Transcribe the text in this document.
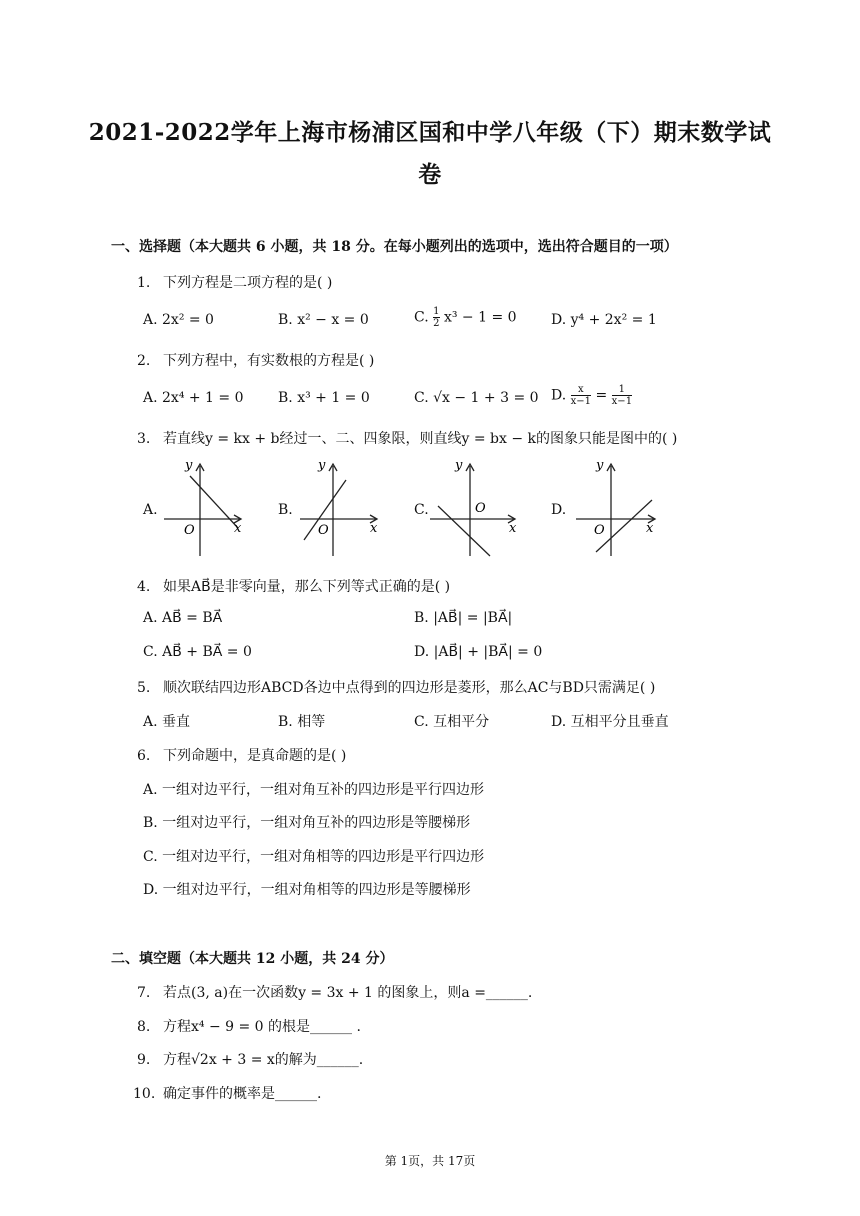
2021-2022学年上海市杨浦区国和中学八年级（下）期末数学试
卷
一、选择题（本大题共 6 小题，共 18 分。在每小题列出的选项中，选出符合题目的一项）
1. 下列方程是二项方程的是( )
A. 2x² = 0	B. x² − x = 0	C. $\frac{1}{2} x^3 - 1 = 0$ D. y⁴ + 2x² = 1
2. 下列方程中，有实数根的方程是( )
A. 2x⁴ + 1 = 0 B. x³ + 1 = 0	C. √x − 1 + 3 = 0 D. $\frac{x}{x-1} = \frac{1}{x-1}$
3. 若直线y = kx + b经过一、二、四象限，则直线y = bx − k的图象只能是图中的( )
A.	B.	C.	D.
y
x
O
y
x
O
y
x
O
y
x
O
4. 如果AB⃗是非零向量，那么下列等式正确的是( )
A. AB⃗ = BA⃗	B. |AB⃗| = |BA⃗|
C. AB⃗ + BA⃗ = 0	D. |AB⃗| + |BA⃗| = 0
5. 顺次联结四边形ABCD各边中点得到的四边形是菱形，那么AC与BD只需满足( )
A. 垂直	B. 相等	C. 互相平分	D. 互相平分且垂直
6. 下列命题中，是真命题的是( )
A. 一组对边平行，一组对角互补的四边形是平行四边形
B. 一组对边平行，一组对角互补的四边形是等腰梯形
C. 一组对边平行，一组对角相等的四边形是平行四边形
D. 一组对边平行，一组对角相等的四边形是等腰梯形
二、填空题（本大题共 12 小题，共 24 分）
7. 若点(3, a)在一次函数y = 3x + 1 的图象上，则a =______.
8. 方程x⁴ − 9 = 0 的根是______ .
9. 方程√2x + 3 = x的解为______.
10. 确定事件的概率是______.
第 1页，共 17页
